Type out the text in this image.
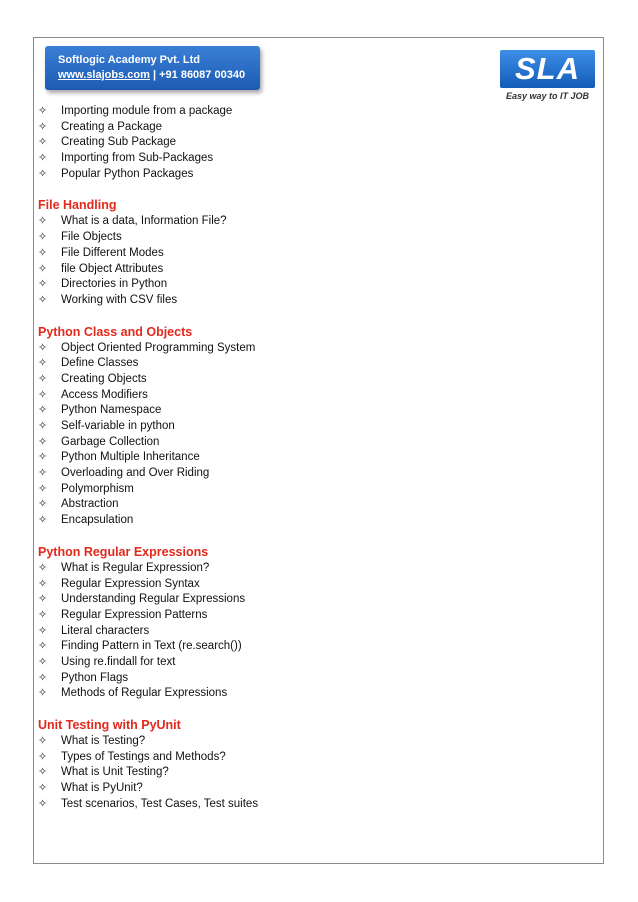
Softlogic Academy Pvt. Ltd
www.slajobs.com | +91 86087 00340	SLA
Easy way to IT JOB
✧ Importing module from a package
✧ Creating a Package
✧ Creating Sub Package
✧ Importing from Sub-Packages
✧ Popular Python Packages
File Handling
✧ What is a data, Information File?
✧ File Objects
✧ File Different Modes
✧ file Object Attributes
✧ Directories in Python
✧ Working with CSV files
Python Class and Objects
✧ Object Oriented Programming System
✧ Define Classes
✧ Creating Objects
✧ Access Modifiers
✧ Python Namespace
✧ Self-variable in python
✧ Garbage Collection
✧ Python Multiple Inheritance
✧ Overloading and Over Riding
✧ Polymorphism
✧ Abstraction
✧ Encapsulation
Python Regular Expressions
✧ What is Regular Expression?
✧ Regular Expression Syntax
✧ Understanding Regular Expressions
✧ Regular Expression Patterns
✧ Literal characters
✧ Finding Pattern in Text (re.search())
✧ Using re.findall for text
✧ Python Flags
✧ Methods of Regular Expressions
Unit Testing with PyUnit
✧ What is Testing?
✧ Types of Testings and Methods?
✧ What is Unit Testing?
✧ What is PyUnit?
✧ Test scenarios, Test Cases, Test suites
